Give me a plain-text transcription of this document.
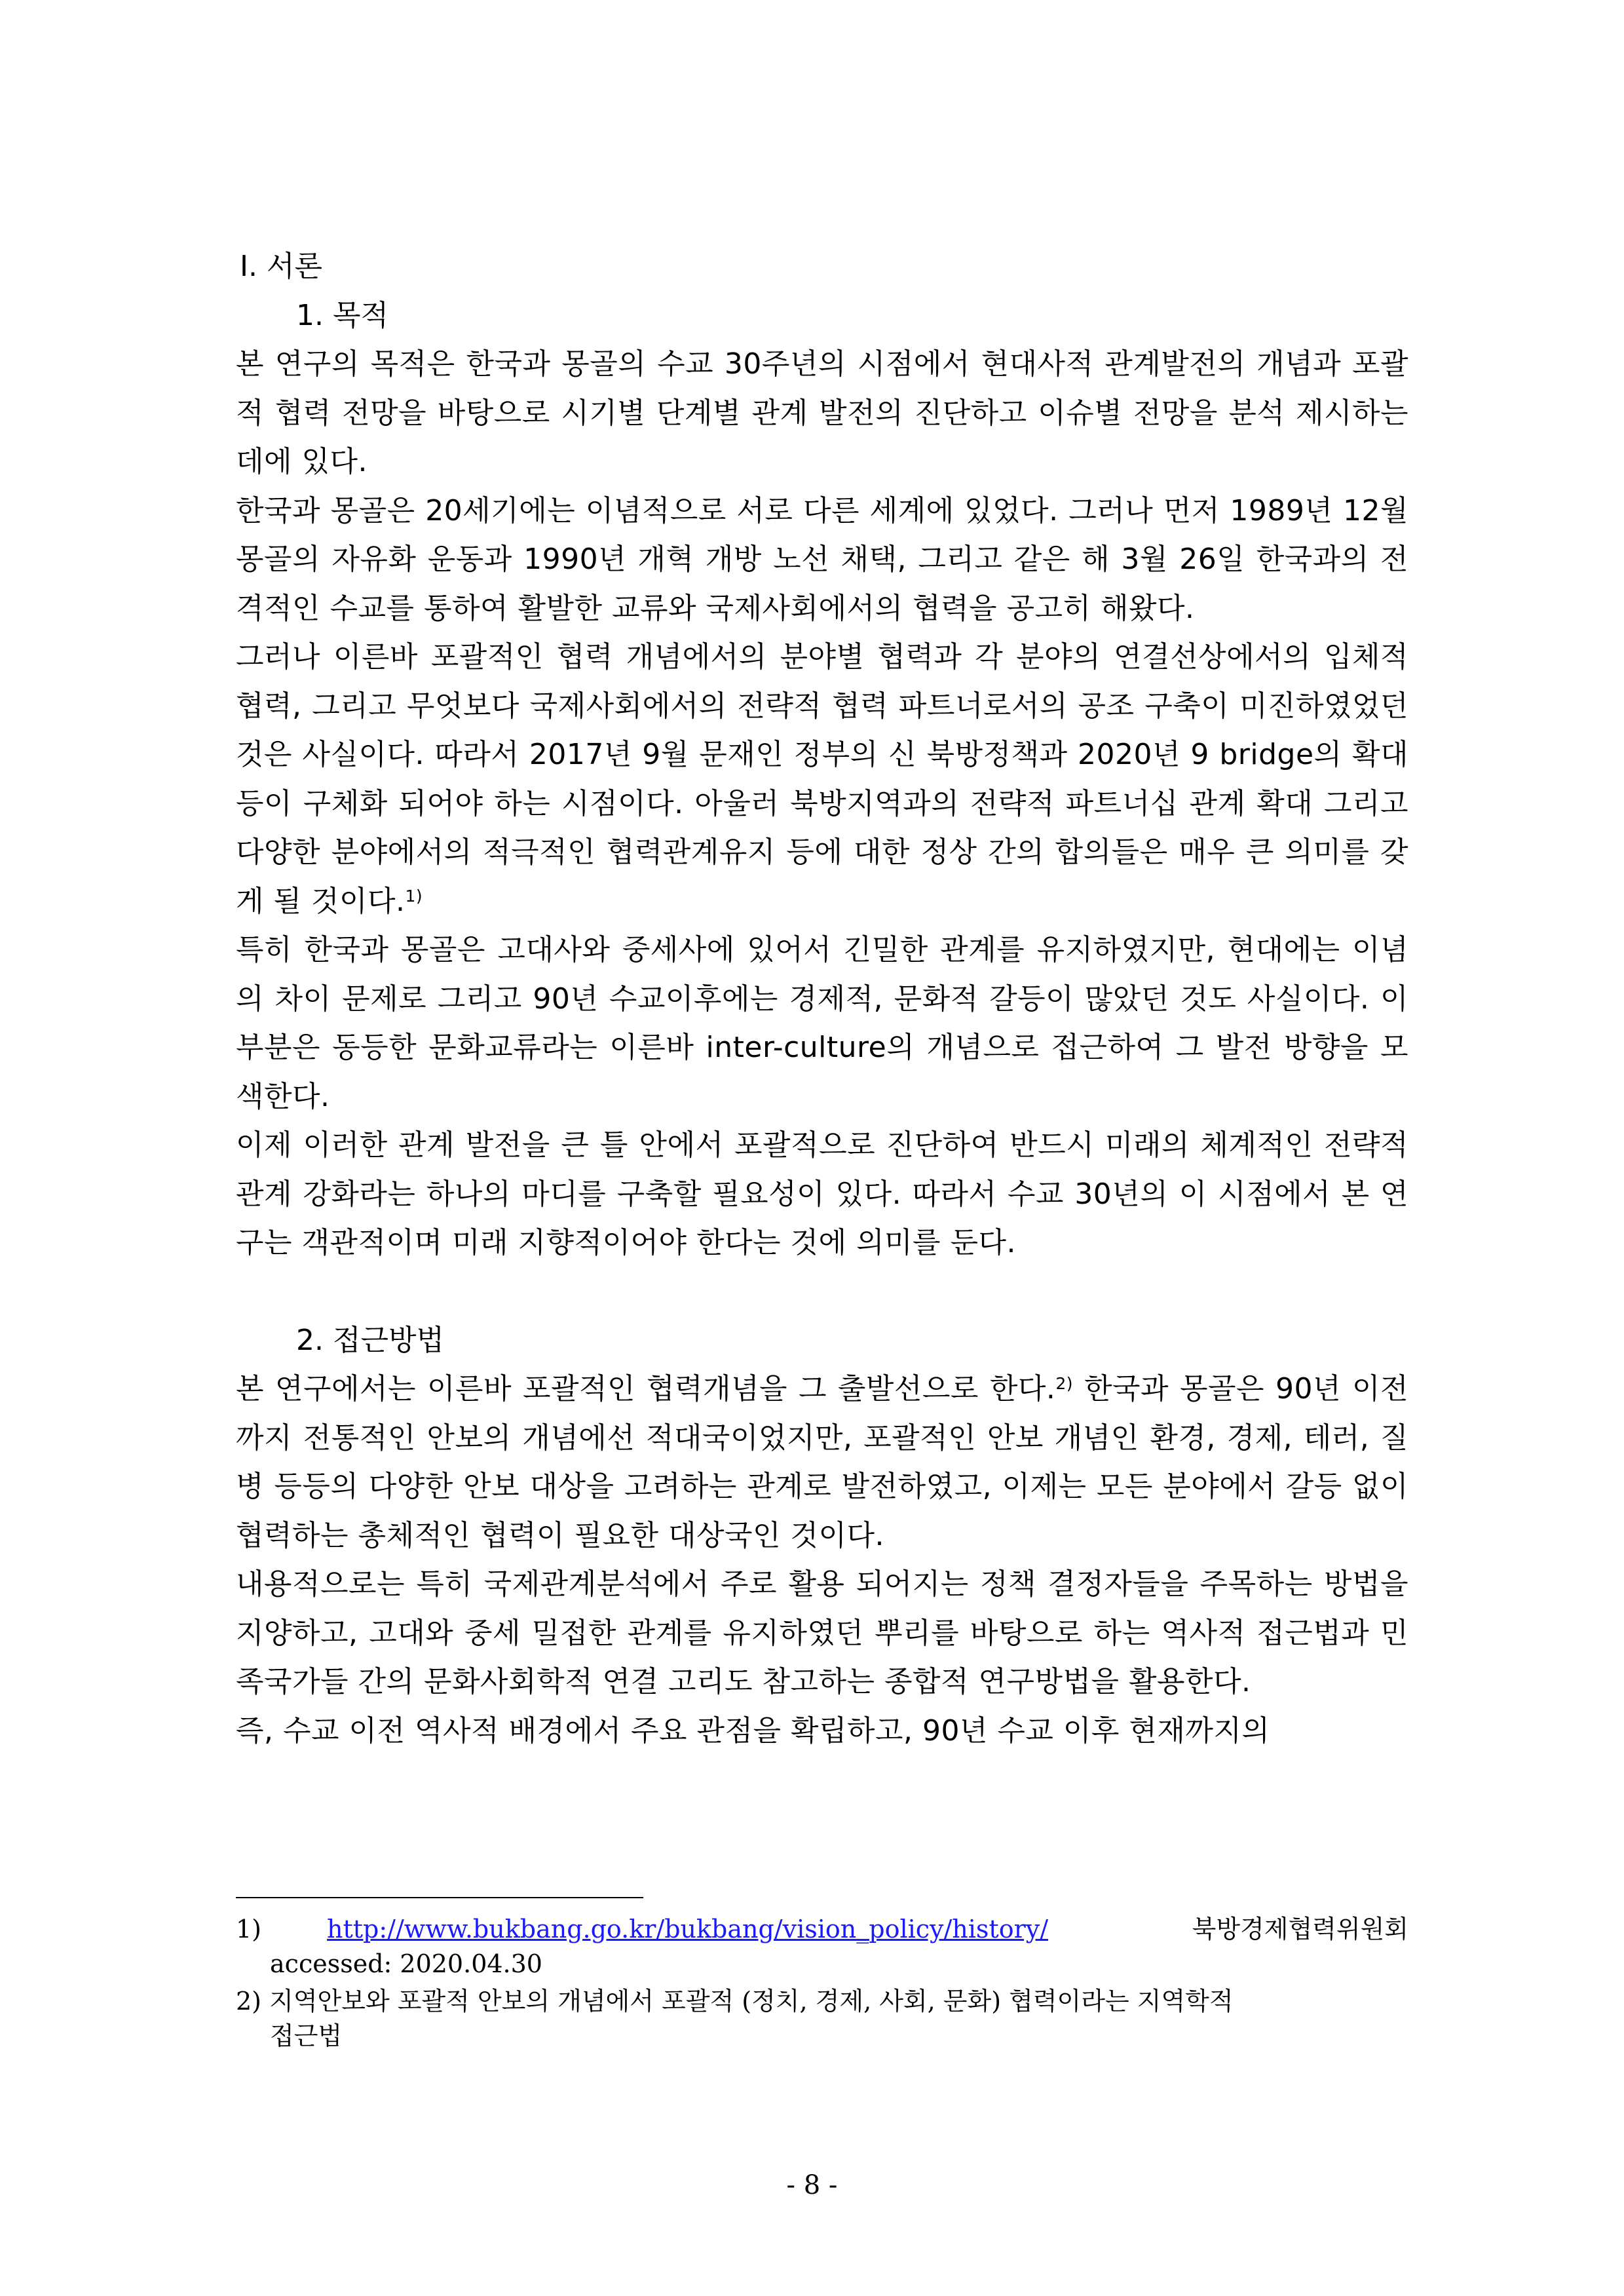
Ⅰ. 서론

1. 목적

본 연구의 목적은 한국과 몽골의 수교 30주년의 시점에서 현대사적 관계발전의 개념과 포괄적 협력 전망을 바탕으로 시기별 단계별 관계 발전의 진단하고 이슈별 전망을 분석 제시하는 데에 있다.

한국과 몽골은 20세기에는 이념적으로 서로 다른 세계에 있었다. 그러나 먼저 1989년 12월 몽골의 자유화 운동과 1990년 개혁 개방 노선 채택, 그리고 같은 해 3월 26일 한국과의 전격적인 수교를 통하여 활발한 교류와 국제사회에서의 협력을 공고히 해왔다.

그러나 이른바 포괄적인 협력 개념에서의 분야별 협력과 각 분야의 연결선상에서의 입체적 협력, 그리고 무엇보다 국제사회에서의 전략적 협력 파트너로서의 공조 구축이 미진하였었던 것은 사실이다. 따라서 2017년 9월 문재인 정부의 신 북방정책과 2020년 9 bridge의 확대 등이 구체화 되어야 하는 시점이다. 아울러 북방지역과의 전략적 파트너십 관계 확대 그리고 다양한 분야에서의 적극적인 협력관계유지 등에 대한 정상 간의 합의들은 매우 큰 의미를 갖게 될 것이다.$^{1)}$

특히 한국과 몽골은 고대사와 중세사에 있어서 긴밀한 관계를 유지하였지만, 현대에는 이념의 차이 문제로 그리고 90년 수교이후에는 경제적, 문화적 갈등이 많았던 것도 사실이다. 이 부분은 동등한 문화교류라는 이른바 inter-culture의 개념으로 접근하여 그 발전 방향을 모색한다.

이제 이러한 관계 발전을 큰 틀 안에서 포괄적으로 진단하여 반드시 미래의 체계적인 전략적 관계 강화라는 하나의 마디를 구축할 필요성이 있다. 따라서 수교 30년의 이 시점에서 본 연구는 객관적이며 미래 지향적이어야 한다는 것에 의미를 둔다.

2. 접근방법

본 연구에서는 이른바 포괄적인 협력개념을 그 출발선으로 한다.$^{2)}$ 한국과 몽골은 90년 이전까지 전통적인 안보의 개념에선 적대국이었지만, 포괄적인 안보 개념인 환경, 경제, 테러, 질병 등등의 다양한 안보 대상을 고려하는 관계로 발전하였고, 이제는 모든 분야에서 갈등 없이 협력하는 총체적인 협력이 필요한 대상국인 것이다.

내용적으로는 특히 국제관계분석에서 주로 활용 되어지는 정책 결정자들을 주목하는 방법을 지양하고, 고대와 중세 밀접한 관계를 유지하였던 뿌리를 바탕으로 하는 역사적 접근법과 민족국가들 간의 문화사회학적 연결 고리도 참고하는 종합적 연구방법을 활용한다.

즉, 수교 이전 역사적 배경에서 주요 관점을 확립하고, 90년 수교 이후 현재까지의

1)	http://www.bukbang.go.kr/bukbang/vision_policy/history/	북방경제협력위원회
accessed: 2020.04.30
2) 지역안보와 포괄적 안보의 개념에서 포괄적 (정치, 경제, 사회, 문화) 협력이라는 지역학적
접근법
- 8 -
